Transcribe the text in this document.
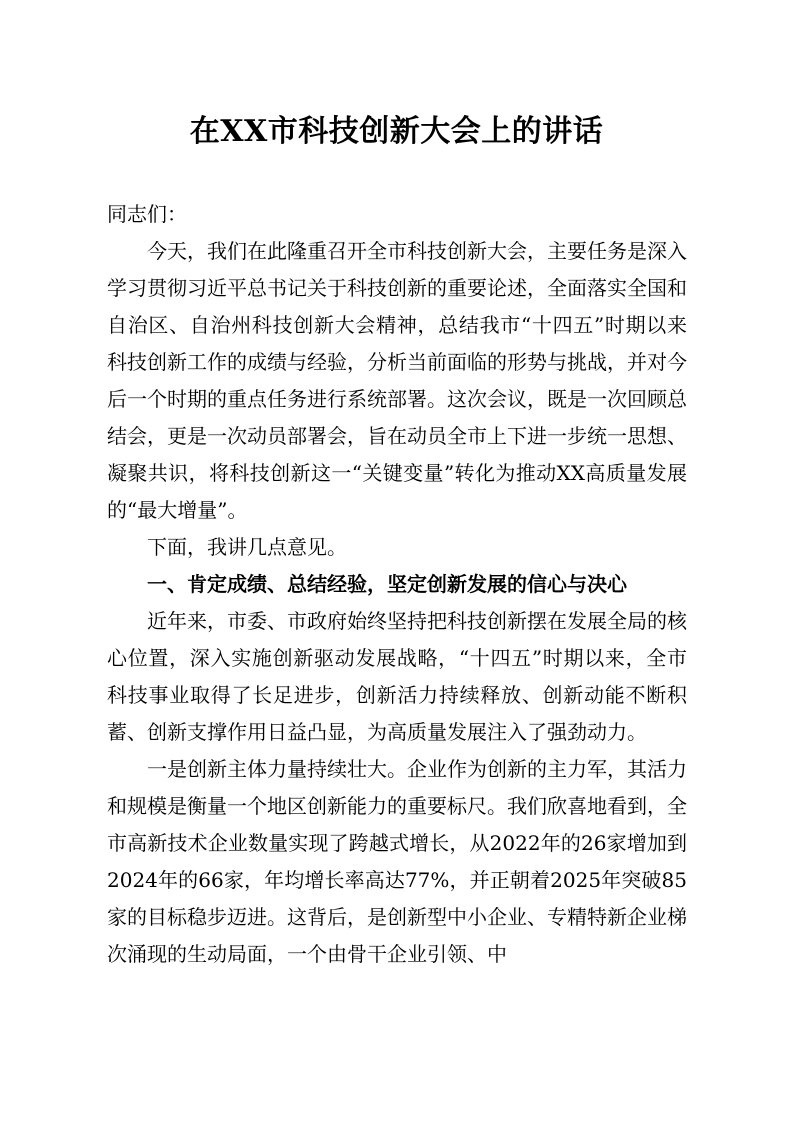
在XX市科技创新大会上的讲话

同志们：

今天，我们在此隆重召开全市科技创新大会，主要任务是深入学习贯彻习近平总书记关于科技创新的重要论述，全面落实全国和自治区、自治州科技创新大会精神，总结我市“十四五”时期以来科技创新工作的成绩与经验，分析当前面临的形势与挑战，并对今后一个时期的重点任务进行系统部署。这次会议，既是一次回顾总结会，更是一次动员部署会，旨在动员全市上下进一步统一思想、凝聚共识，将科技创新这一“关键变量”转化为推动XX高质量发展的“最大增量”。

下面，我讲几点意见。

一、肯定成绩、总结经验，坚定创新发展的信心与决心

近年来，市委、市政府始终坚持把科技创新摆在发展全局的核心位置，深入实施创新驱动发展战略，“十四五”时期以来，全市科技事业取得了长足进步，创新活力持续释放、创新动能不断积蓄、创新支撑作用日益凸显，为高质量发展注入了强劲动力。

一是创新主体力量持续壮大。企业作为创新的主力军，其活力和规模是衡量一个地区创新能力的重要标尺。我们欣喜地看到，全市高新技术企业数量实现了跨越式增长，从2022年的26家增加到2024年的66家，年均增长率高达77%，并正朝着2025年突破85家的目标稳步迈进。这背后，是创新型中小企业、专精特新企业梯次涌现的生动局面，一个由骨干企业引领、中
